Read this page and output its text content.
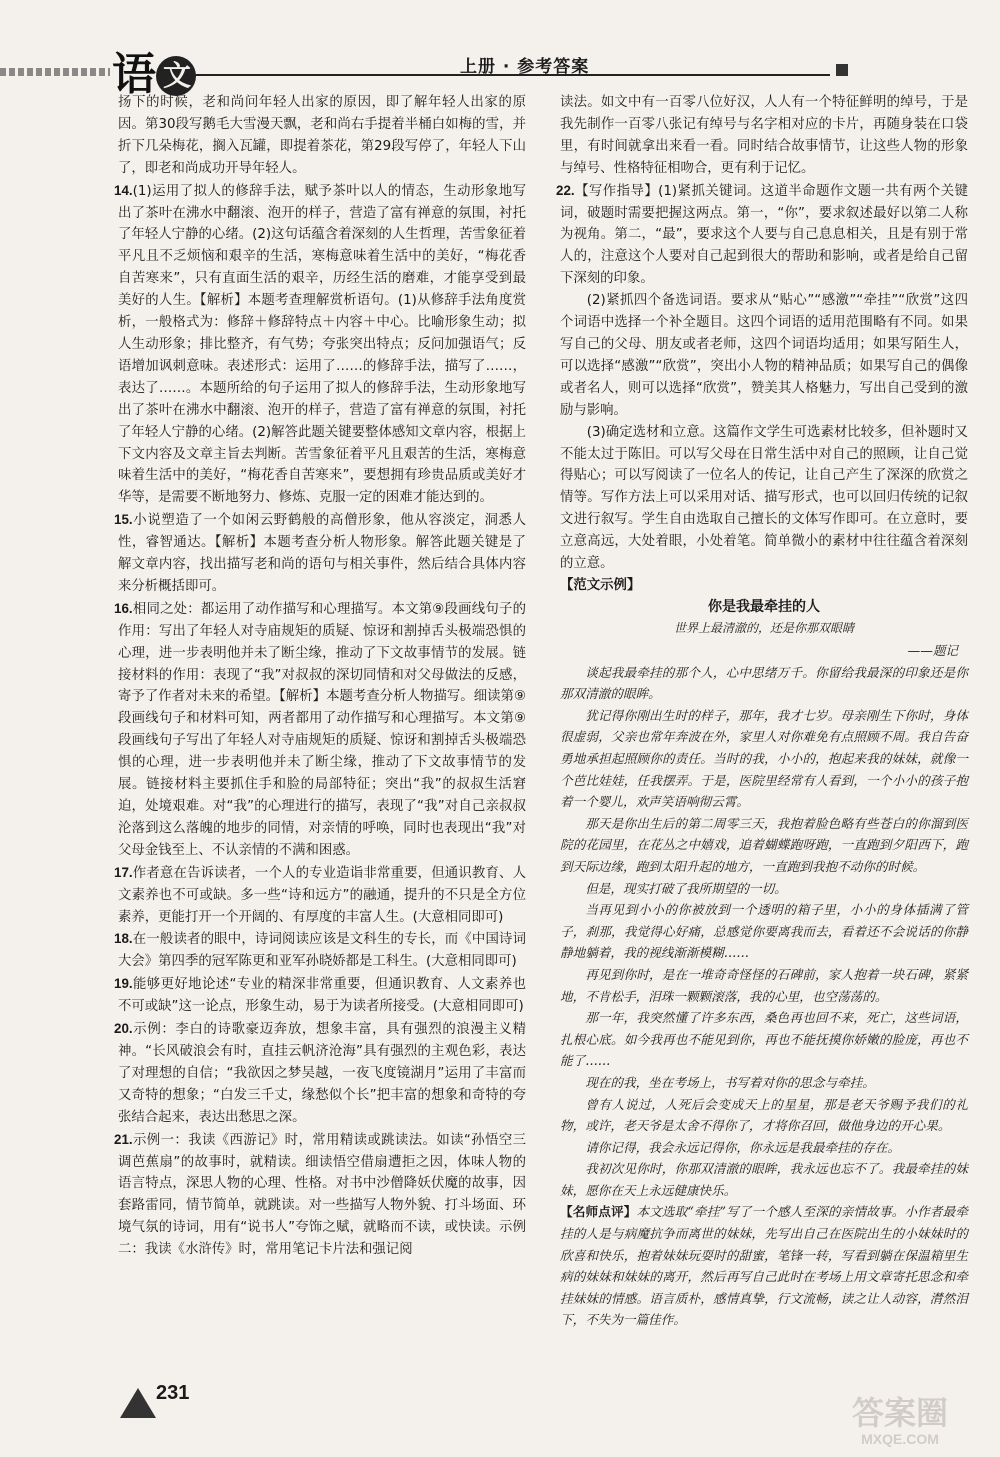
语 文	上册 · 参考答案

扬下的时候，老和尚问年轻人出家的原因，即了解年轻人出家的原因。第30段写鹅毛大雪漫天飘，老和尚右手提着半桶白如梅的雪，并折下几朵梅花，搁入瓦罐，即提着茶花，第29段写停了，年轻人下山了，即老和尚成功开导年轻人。

14.(1)运用了拟人的修辞手法，赋予茶叶以人的情态，生动形象地写出了茶叶在沸水中翻滚、泡开的样子，营造了富有禅意的氛围，衬托了年轻人宁静的心绪。(2)这句话蕴含着深刻的人生哲理，苦雪象征着平凡且不乏烦恼和艰辛的生活，寒梅意味着生活中的美好，“梅花香自苦寒来”，只有直面生活的艰辛，历经生活的磨难，才能享受到最美好的人生。【解析】本题考查理解赏析语句。(1)从修辞手法角度赏析，一般格式为：修辞＋修辞特点＋内容＋中心。比喻形象生动；拟人生动形象；排比整齐，有气势；夸张突出特点；反问加强语气；反语增加讽刺意味。表述形式：运用了……的修辞手法，描写了……，表达了……。本题所给的句子运用了拟人的修辞手法，生动形象地写出了茶叶在沸水中翻滚、泡开的样子，营造了富有禅意的氛围，衬托了年轻人宁静的心绪。(2)解答此题关键要整体感知文章内容，根据上下文内容及文章主旨去判断。苦雪象征着平凡且艰苦的生活，寒梅意味着生活中的美好，“梅花香自苦寒来”，要想拥有珍贵品质或美好才华等，是需要不断地努力、修炼、克服一定的困难才能达到的。

15.小说塑造了一个如闲云野鹤般的高僧形象，他从容淡定，洞悉人性，睿智通达。【解析】本题考查分析人物形象。解答此题关键是了解文章内容，找出描写老和尚的语句与相关事件，然后结合具体内容来分析概括即可。

16.相同之处：都运用了动作描写和心理描写。本文第⑨段画线句子的作用：写出了年轻人对寺庙规矩的质疑、惊讶和割掉舌头极端恐惧的心理，进一步表明他并未了断尘缘，推动了下文故事情节的发展。链接材料的作用：表现了“我”对叔叔的深切同情和对父母做法的反感，寄予了作者对未来的希望。【解析】本题考查分析人物描写。细读第⑨段画线句子和材料可知，两者都用了动作描写和心理描写。本文第⑨段画线句子写出了年轻人对寺庙规矩的质疑、惊讶和割掉舌头极端恐惧的心理，进一步表明他并未了断尘缘，推动了下文故事情节的发展。链接材料主要抓住手和脸的局部特征；突出“我”的叔叔生活窘迫，处境艰难。对“我”的心理进行的描写，表现了“我”对自己亲叔叔沦落到这么落魄的地步的同情，对亲情的呼唤，同时也表现出“我”对父母金钱至上、不认亲情的不满和困惑。

17.作者意在告诉读者，一个人的专业造诣非常重要，但通识教育、人文素养也不可或缺。多一些“诗和远方”的融通，提升的不只是全方位素养，更能打开一个开阔的、有厚度的丰富人生。(大意相同即可)

18.在一般读者的眼中，诗词阅读应该是文科生的专长，而《中国诗词大会》第四季的冠军陈更和亚军孙晓娇都是工科生。(大意相同即可)

19.能够更好地论述“专业的精深非常重要，但通识教育、人文素养也不可或缺”这一论点，形象生动，易于为读者所接受。(大意相同即可)

20.示例：李白的诗歌豪迈奔放，想象丰富，具有强烈的浪漫主义精神。“长风破浪会有时，直挂云帆济沧海”具有强烈的主观色彩，表达了对理想的自信；“我欲因之梦吴越，一夜飞度镜湖月”运用了丰富而又奇特的想象；“白发三千丈，缘愁似个长”把丰富的想象和奇特的夸张结合起来，表达出愁思之深。

21.示例一：我读《西游记》时，常用精读或跳读法。如读“孙悟空三调芭蕉扇”的故事时，就精读。细读悟空借扇遭拒之因，体味人物的语言特点，深思人物的心理、性格。对书中沙僧降妖伏魔的故事，因套路雷同，情节简单，就跳读。对一些描写人物外貌、打斗场面、环境气氛的诗词，用有“说书人”夸饰之赋，就略而不读，或快读。示例二：我读《水浒传》时，常用笔记卡片法和强记阅

读法。如文中有一百零八位好汉，人人有一个特征鲜明的绰号，于是我先制作一百零八张记有绰号与名字相对应的卡片，再随身装在口袋里，有时间就拿出来看一看。同时结合故事情节，让这些人物的形象与绰号、性格特征相吻合，更有利于记忆。

22.【写作指导】(1)紧抓关键词。这道半命题作文题一共有两个关键词，破题时需要把握这两点。第一，“你”，要求叙述最好以第二人称为视角。第二，“最”，要求这个人要与自己息息相关，且是有别于常人的，注意这个人要对自己起到很大的帮助和影响，或者是给自己留下深刻的印象。

(2)紧抓四个备选词语。要求从“贴心”“感激”“牵挂”“欣赏”这四个词语中选择一个补全题目。这四个词语的适用范围略有不同。如果写自己的父母、朋友或者老师，这四个词语均适用；如果写陌生人，可以选择“感激”“欣赏”，突出小人物的精神品质；如果写自己的偶像或者名人，则可以选择“欣赏”，赞美其人格魅力，写出自己受到的激励与影响。

(3)确定选材和立意。这篇作文学生可选素材比较多，但补题时又不能太过于陈旧。可以写父母在日常生活中对自己的照顾，让自己觉得贴心；可以写阅读了一位名人的传记，让自己产生了深深的欣赏之情等。写作方法上可以采用对话、描写形式，也可以回归传统的记叙文进行叙写。学生自由选取自己擅长的文体写作即可。在立意时，要立意高远，大处着眼，小处着笔。简单微小的素材中往往蕴含着深刻的立意。

【范文示例】

你是我最牵挂的人

世界上最清澈的，还是你那双眼睛

——题记

谈起我最牵挂的那个人，心中思绪万千。你留给我最深的印象还是你那双清澈的眼眸。

犹记得你刚出生时的样子，那年，我才七岁。母亲刚生下你时，身体很虚弱，父亲也常年奔波在外，家里人对你难免有点照顾不周。我自告奋勇地承担起照顾你的责任。当时的我，小小的，抱起来我的妹妹，就像一个芭比娃娃，任我摆弄。于是，医院里经常有人看到，一个小小的孩子抱着一个婴儿，欢声笑语响彻云霄。

那天是你出生后的第二周零三天，我抱着脸色略有些苍白的你溜到医院的花园里，在花丛之中嬉戏，追着蝴蝶跑呀跑，一直跑到夕阳西下，跑到天际边缘，跑到太阳升起的地方，一直跑到我抱不动你的时候。

但是，现实打破了我所期望的一切。

当再见到小小的你被放到一个透明的箱子里，小小的身体插满了管子，刹那，我觉得心好痛，总感觉你要离我而去，看着还不会说话的你静静地躺着，我的视线渐渐模糊……

再见到你时，是在一堆奇奇怪怪的石碑前，家人抱着一块石碑，紧紧地，不肯松手，泪珠一颗颗滚落，我的心里，也空荡荡的。

那一年，我突然懂了许多东西，桑色再也回不来，死亡，这些词语，扎根心底。如今我再也不能见到你，再也不能抚摸你娇嫩的脸庞，再也不能了……

现在的我，坐在考场上，书写着对你的思念与牵挂。

曾有人说过，人死后会变成天上的星星，那是老天爷赐予我们的礼物，或许，老天爷是太舍不得你了，才将你召回，做他身边的开心果。

请你记得，我会永远记得你，你永远是我最牵挂的存在。

我初次见你时，你那双清澈的眼眸，我永远也忘不了。我最牵挂的妹妹，愿你在天上永远健康快乐。

【名师点评】本文选取“牵挂”写了一个感人至深的亲情故事。小作者最牵挂的人是与病魔抗争而离世的妹妹，先写出自己在医院出生的小妹妹时的欣喜和快乐，抱着妹妹玩耍时的甜蜜，笔锋一转，写看到躺在保温箱里生病的妹妹和妹妹的离开，然后再写自己此时在考场上用文章寄托思念和牵挂妹妹的情感。语言质朴，感情真挚，行文流畅，读之让人动容，潸然泪下，不失为一篇佳作。

231
答案圈
MXQE.COM
